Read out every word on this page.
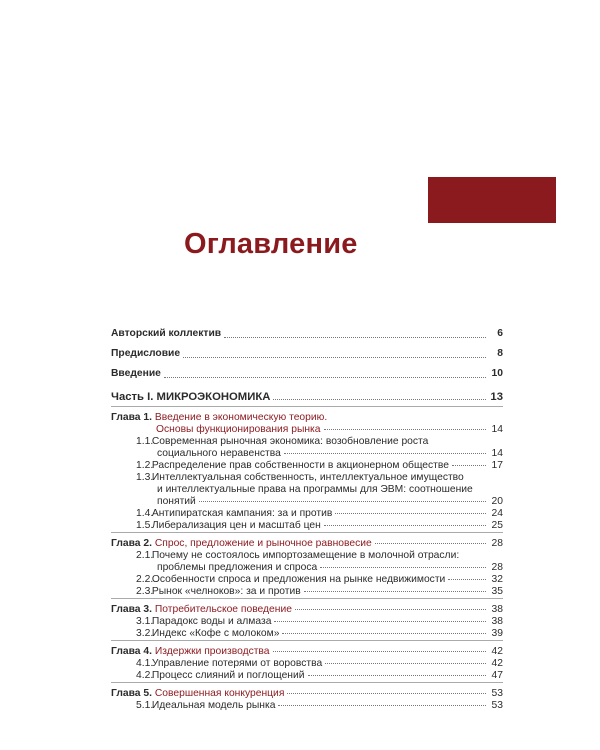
Оглавление
Авторский коллектив	6
Предисловие	8
Введение	10
Часть I. МИКРОЭКОНОМИКА	13
Глава 1. Введение в экономическую теорию.
Основы функционирования рынка	14
1.1. Современная рыночная экономика: возобновление роста
социального неравенства	14
1.2. Распределение прав собственности в акционерном обществе	17
1.3. Интеллектуальная собственность, интеллектуальное имущество
и интеллектуальные права на программы для ЭВМ: соотношение
понятий	20
1.4. Антипиратская кампания: за и против	24
1.5. Либерализация цен и масштаб цен	25
Глава 2. Спрос, предложение и рыночное равновесие	28
2.1. Почему не состоялось импортозамещение в молочной отрасли:
проблемы предложения и спроса	28
2.2. Особенности спроса и предложения на рынке недвижимости	32
2.3. Рынок «челноков»: за и против	35
Глава 3. Потребительское поведение	38
3.1. Парадокс воды и алмаза	38
3.2. Индекс «Кофе с молоком»	39
Глава 4. Издержки производства	42
4.1. Управление потерями от воровства	42
4.2. Процесс слияний и поглощений	47
Глава 5. Совершенная конкуренция	53
5.1. Идеальная модель рынка	53
